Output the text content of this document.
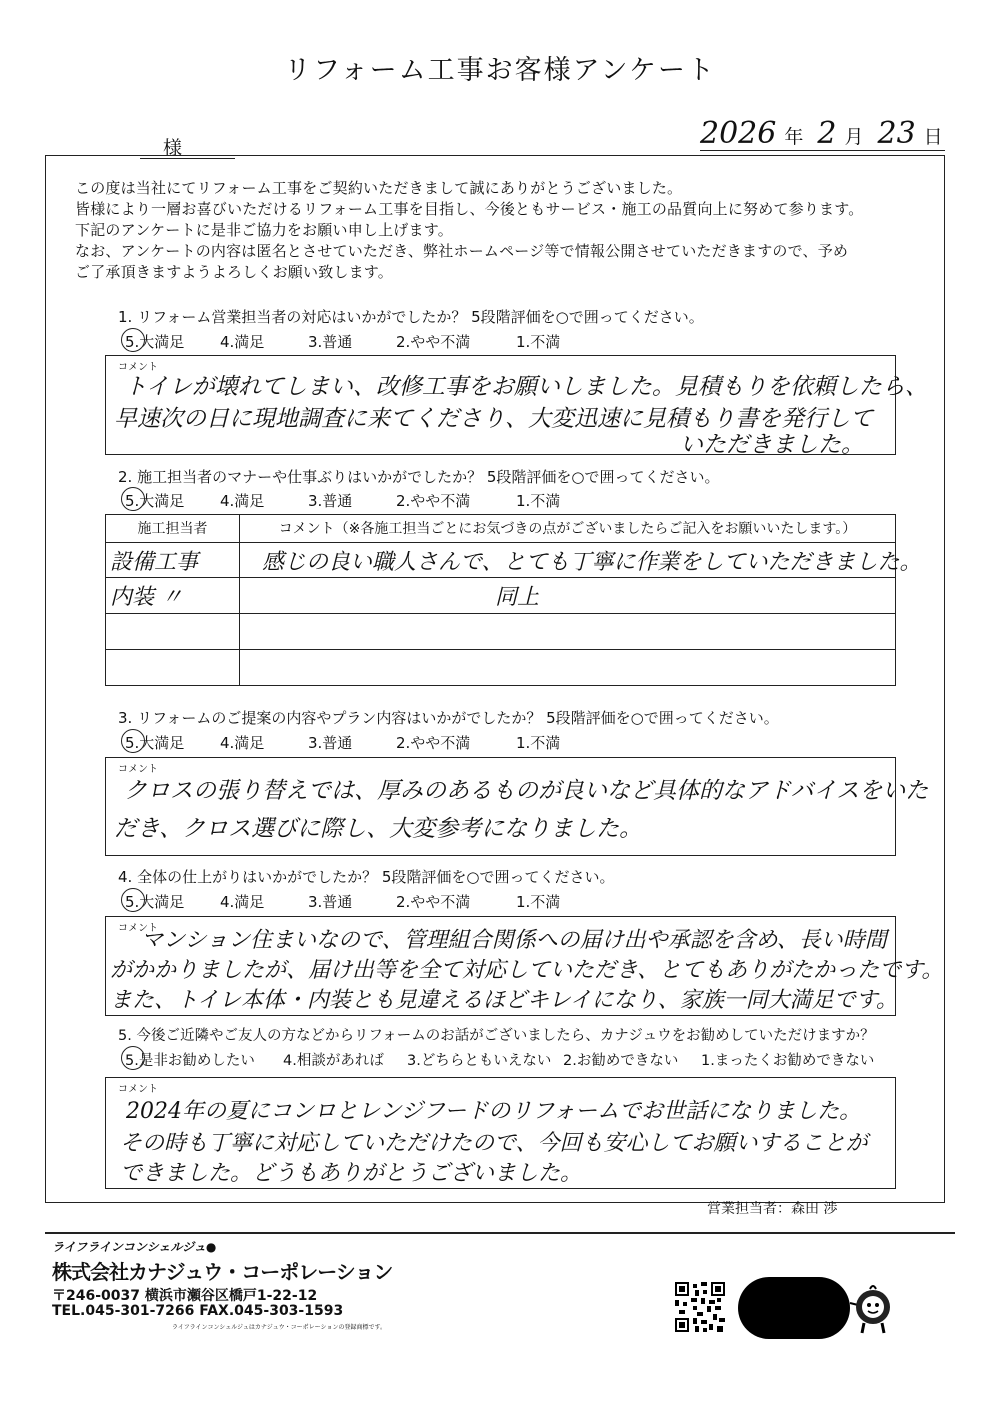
リフォーム工事お客様アンケート
様	2026 年 2 月 23 日
この度は当社にてリフォーム工事をご契約いただきまして誠にありがとうございました。
皆様により一層お喜びいただけるリフォーム工事を目指し、今後ともサービス・施工の品質向上に努めて参ります。
下記のアンケートに是非ご協力をお願い申し上げます。
なお、アンケートの内容は匿名とさせていただき、弊社ホームページ等で情報公開させていただきますので、予め
ご了承頂きますようよろしくお願い致します。
1. リフォーム営業担当者の対応はいかがでしたか？ 5段階評価を○で囲ってください。
5.大満足 4.満足	3.普通	2.やや不満	1.不満
コメント
トイレが壊れてしまい、改修工事をお願いしました。見積もりを依頼したら、
早速次の日に現地調査に来てくださり、大変迅速に見積もり書を発行して
いただきました。
2. 施工担当者のマナーや仕事ぶりはいかがでしたか？ 5段階評価を○で囲ってください。
5.大満足 4.満足	3.普通	2.やや不満	1.不満
施工担当者	コメント（※各施工担当ごとにお気づきの点がございましたらご記入をお願いいたします。）

設備工事	感じの良い職人さんで、とても丁寧に作業をしていただきました。

内装 〃	同上

3. リフォームのご提案の内容やプラン内容はいかがでしたか？ 5段階評価を○で囲ってください。
5.大満足 4.満足	3.普通	2.やや不満	1.不満
コメント
クロスの張り替えでは、厚みのあるものが良いなど具体的なアドバイスをいた
だき、クロス選びに際し、大変参考になりました。
4. 全体の仕上がりはいかがでしたか？ 5段階評価を○で囲ってください。
5.大満足 4.満足	3.普通	2.やや不満	1.不満
コメント
マンション住まいなので、管理組合関係への届け出や承認を含め、長い時間
がかかりましたが、届け出等を全て対応していただき、とてもありがたかったです。
また、トイレ本体・内装とも見違えるほどキレイになり、家族一同大満足です。
5. 今後ご近隣やご友人の方などからリフォームのお話がございましたら、カナジュウをお勧めしていただけますか？
5.是非お勧めしたい 4.相談があれば 3.どちらともいえない 2.お勧めできない 1.まったくお勧めできない
コメント
2024年の夏にコンロとレンジフードのリフォームでお世話になりました。
その時も丁寧に対応していただけたので、今回も安心してお願いすることが
できました。どうもありがとうございました。
営業担当者：森田 渉
ライフラインコンシェルジュ●
株式会社カナジュウ・コーポレーション
〒246-0037 横浜市瀬谷区橋戸1-22-12
TEL.045-301-7266 FAX.045-303-1593
ライフラインコンシェルジュはカナジュウ・コーポレーションの登録商標です。
